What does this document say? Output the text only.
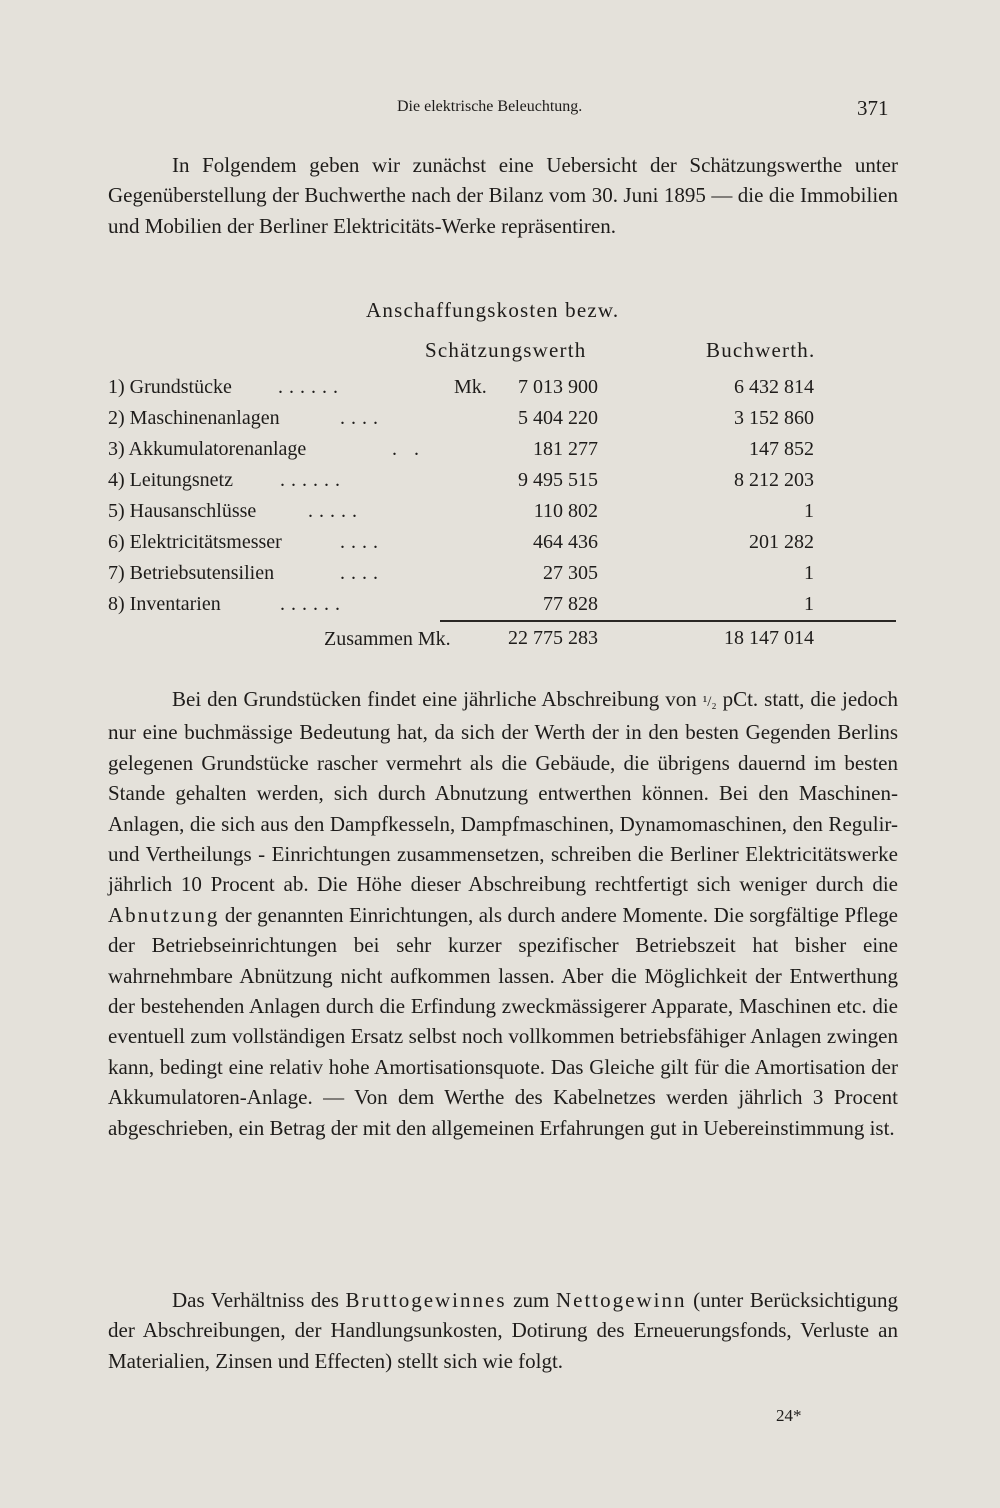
Die elektrische Beleuchtung.	371

In Folgendem geben wir zunächst eine Uebersicht der Schätzungswerthe unter Gegenüberstellung der Buchwerthe nach der Bilanz vom 30. Juni 1895 — die die Immobilien und Mobilien der Berliner Elektricitäts-Werke repräsentiren.

Anschaffungskosten bezw.
Schätzungswerth	Buchwerth.
1) Grundstücke ......	Mk. 7 013 900	6 432 814
2) Maschinenanlagen	....	5 404 220	3 152 860
3) Akkumulatorenanlage	. .	181 277	147 852
4) Leitungsnetz ......	9 495 515	8 212 203
5) Hausanschlüsse	.....	110 802	1
6) Elektricitätsmesser	....	464 436	201 282
7) Betriebsutensilien	....	27 305	1
8) Inventarien	......	77 828	1
Zusammen Mk.	22 775 283	18 147 014

Bei den Grundstücken findet eine jährliche Abschreibung von ¹/₂ pCt. statt, die jedoch nur eine buchmässige Bedeutung hat, da sich der Werth der in den besten Gegenden Berlins gelegenen Grundstücke rascher vermehrt als die Gebäude, die übrigens dauernd im besten Stande gehalten werden, sich durch Abnutzung entwerthen können. Bei den Maschinen-Anlagen, die sich aus den Dampfkesseln, Dampfmaschinen, Dynamomaschinen, den Regulir- und Vertheilungs - Einrichtungen zusammensetzen, schreiben die Berliner Elektricitätswerke jährlich 10 Procent ab. Die Höhe dieser Abschreibung rechtfertigt sich weniger durch die Abnutzung der genannten Einrichtungen, als durch andere Momente. Die sorgfältige Pflege der Betriebseinrichtungen bei sehr kurzer spezifischer Betriebszeit hat bisher eine wahrnehmbare Abnützung nicht aufkommen lassen. Aber die Möglichkeit der Entwerthung der bestehenden Anlagen durch die Erfindung zweckmässigerer Apparate, Maschinen etc. die eventuell zum vollständigen Ersatz selbst noch vollkommen betriebsfähiger Anlagen zwingen kann, bedingt eine relativ hohe Amortisationsquote. Das Gleiche gilt für die Amortisation der Akkumulatoren-Anlage. — Von dem Werthe des Kabelnetzes werden jährlich 3 Procent abgeschrieben, ein Betrag der mit den allgemeinen Erfahrungen gut in Uebereinstimmung ist.

Das Verhältniss des Bruttogewinnes zum Nettogewinn (unter Berücksichtigung der Abschreibungen, der Handlungsunkosten, Dotirung des Erneuerungsfonds, Verluste an Materialien, Zinsen und Effecten) stellt sich wie folgt.

24*
